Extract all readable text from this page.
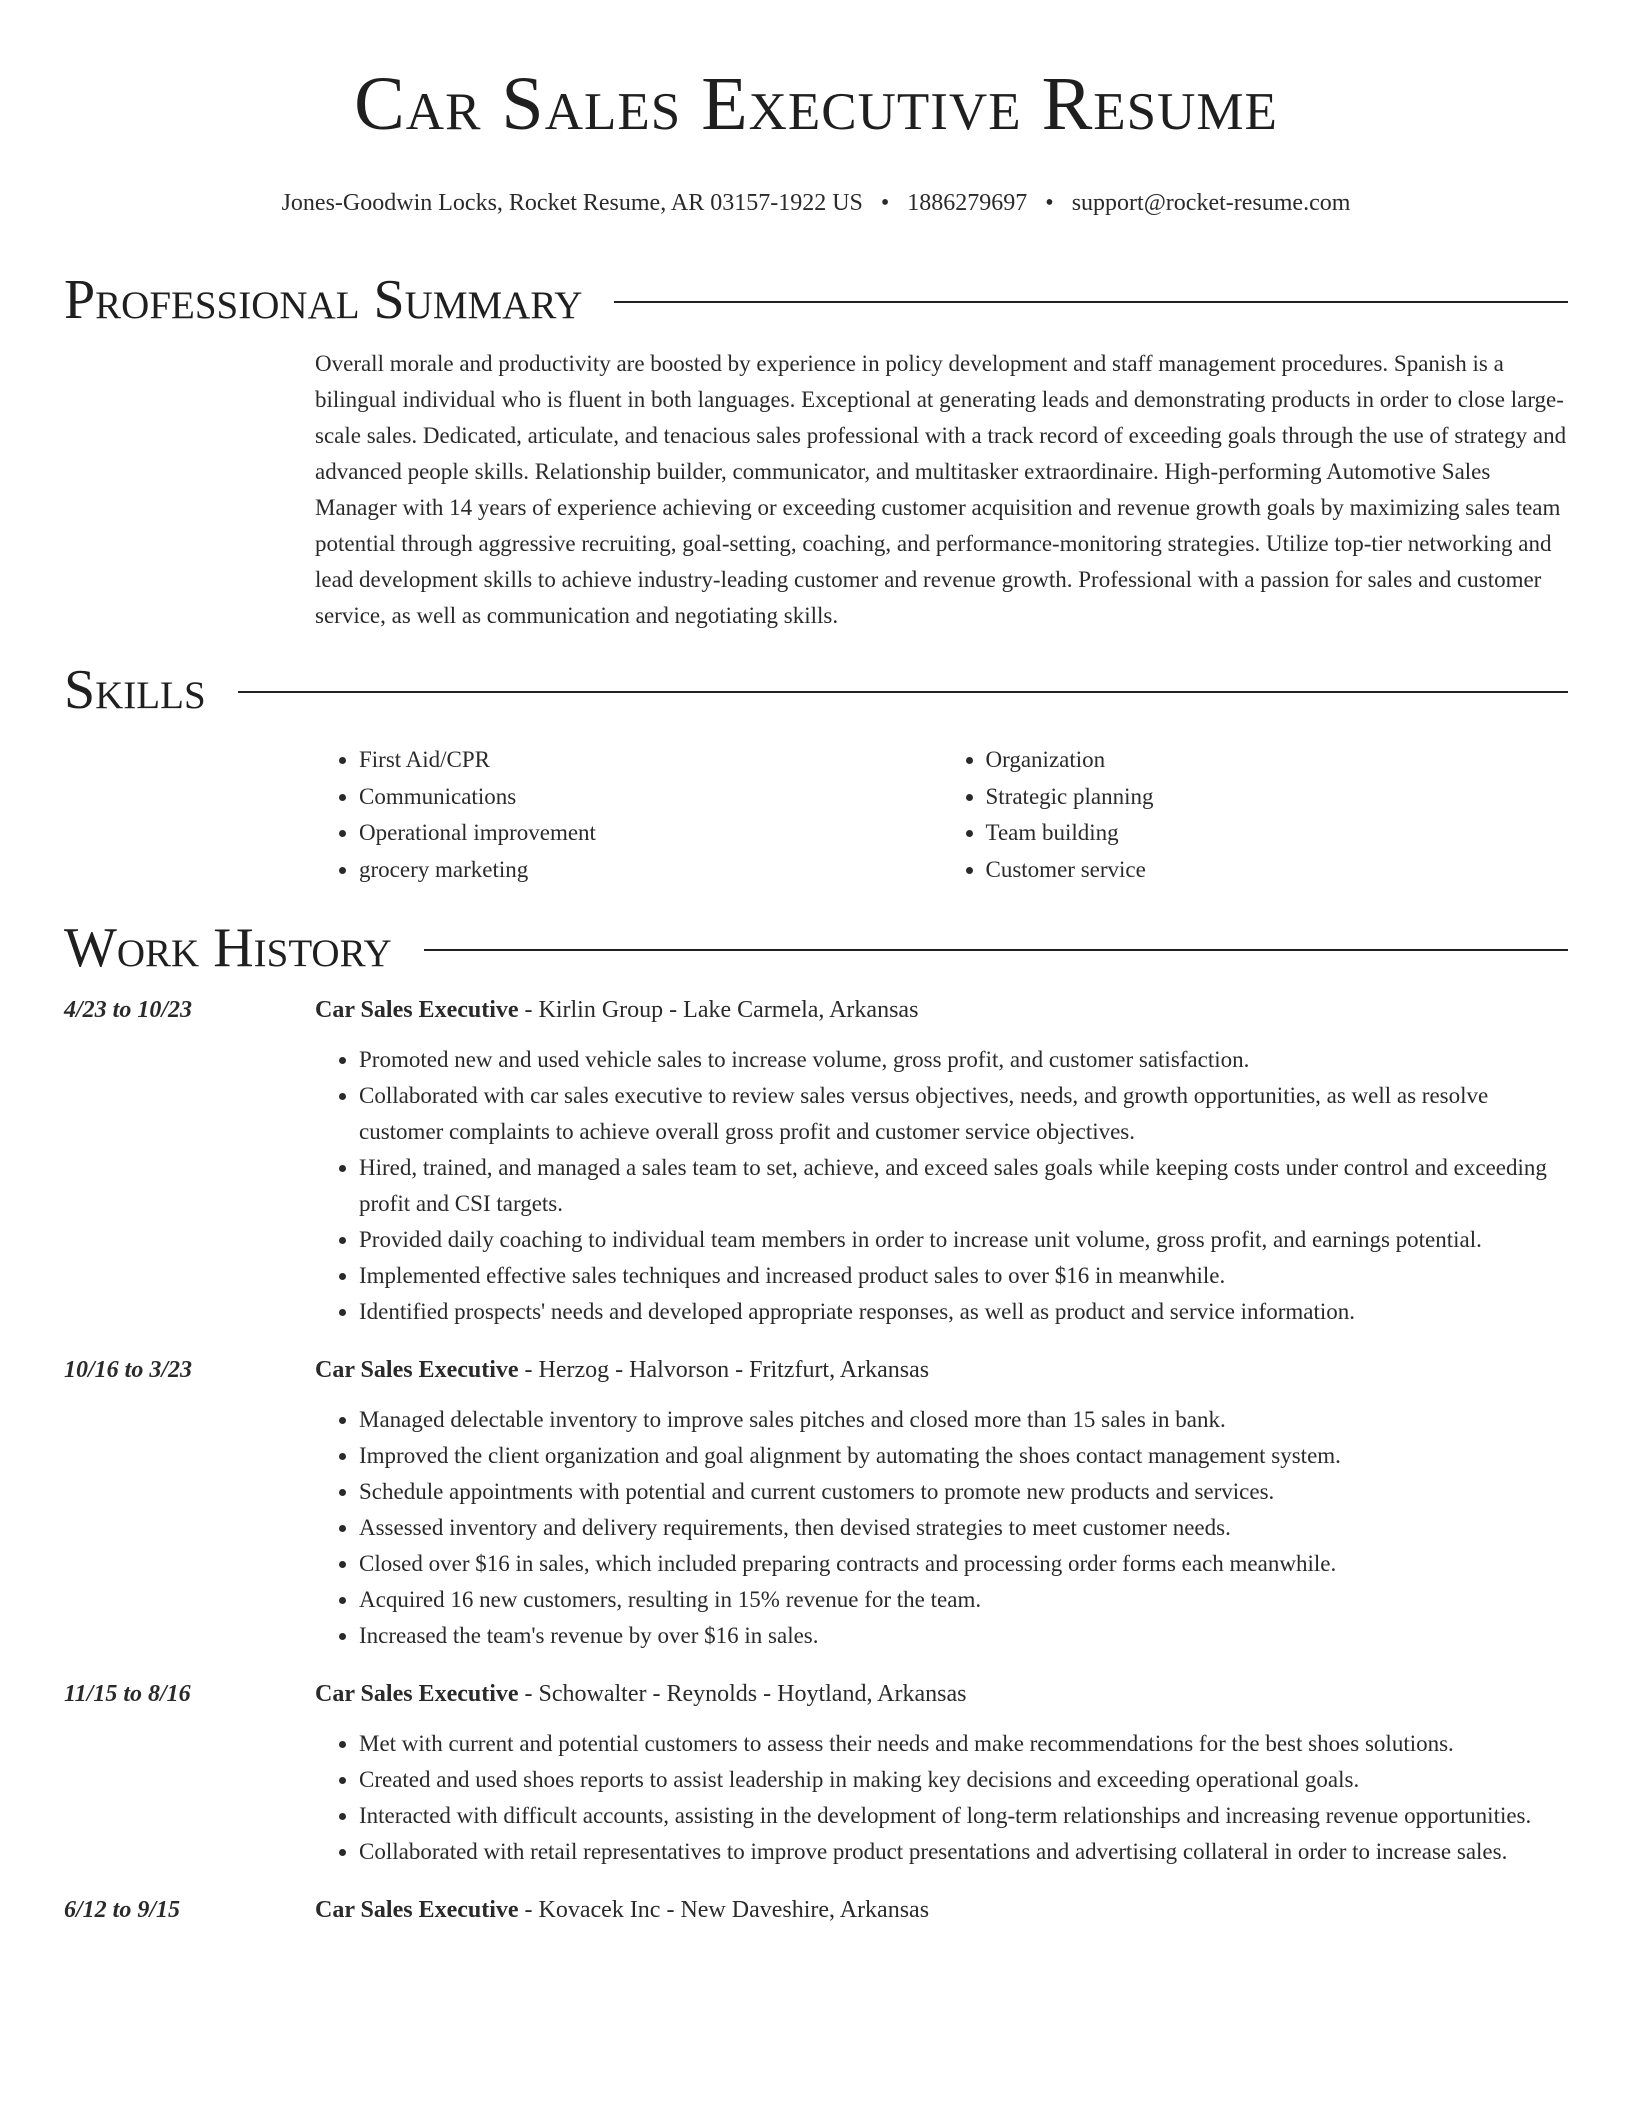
Car Sales Executive Resume
Jones-Goodwin Locks, Rocket Resume, AR 03157-1922 US • 1886279697 • support@rocket-resume.com
Professional Summary
Overall morale and productivity are boosted by experience in policy development and staff management procedures. Spanish is a bilingual individual who is fluent in both languages. Exceptional at generating leads and demonstrating products in order to close large-scale sales. Dedicated, articulate, and tenacious sales professional with a track record of exceeding goals through the use of strategy and advanced people skills. Relationship builder, communicator, and multitasker extraordinaire. High-performing Automotive Sales Manager with 14 years of experience achieving or exceeding customer acquisition and revenue growth goals by maximizing sales team potential through aggressive recruiting, goal-setting, coaching, and performance-monitoring strategies. Utilize top-tier networking and lead development skills to achieve industry-leading customer and revenue growth. Professional with a passion for sales and customer service, as well as communication and negotiating skills.
Skills
• First Aid/CPR
• Communications
• Operational improvement
• grocery marketing
• Organization
• Strategic planning
• Team building
• Customer service
Work History
4/23 to 10/23	Car Sales Executive - Kirlin Group - Lake Carmela, Arkansas
• Promoted new and used vehicle sales to increase volume, gross profit, and customer satisfaction.
• Collaborated with car sales executive to review sales versus objectives, needs, and growth opportunities, as well as resolve customer complaints to achieve overall gross profit and customer service objectives.
• Hired, trained, and managed a sales team to set, achieve, and exceed sales goals while keeping costs under control and exceeding profit and CSI targets.
• Provided daily coaching to individual team members in order to increase unit volume, gross profit, and earnings potential.
• Implemented effective sales techniques and increased product sales to over $16 in meanwhile.
• Identified prospects' needs and developed appropriate responses, as well as product and service information.
10/16 to 3/23	Car Sales Executive - Herzog - Halvorson - Fritzfurt, Arkansas
• Managed delectable inventory to improve sales pitches and closed more than 15 sales in bank.
• Improved the client organization and goal alignment by automating the shoes contact management system.
• Schedule appointments with potential and current customers to promote new products and services.
• Assessed inventory and delivery requirements, then devised strategies to meet customer needs.
• Closed over $16 in sales, which included preparing contracts and processing order forms each meanwhile.
• Acquired 16 new customers, resulting in 15% revenue for the team.
• Increased the team's revenue by over $16 in sales.
11/15 to 8/16	Car Sales Executive - Schowalter - Reynolds - Hoytland, Arkansas
• Met with current and potential customers to assess their needs and make recommendations for the best shoes solutions.
• Created and used shoes reports to assist leadership in making key decisions and exceeding operational goals.
• Interacted with difficult accounts, assisting in the development of long-term relationships and increasing revenue opportunities.
• Collaborated with retail representatives to improve product presentations and advertising collateral in order to increase sales.
6/12 to 9/15	Car Sales Executive - Kovacek Inc - New Daveshire, Arkansas
